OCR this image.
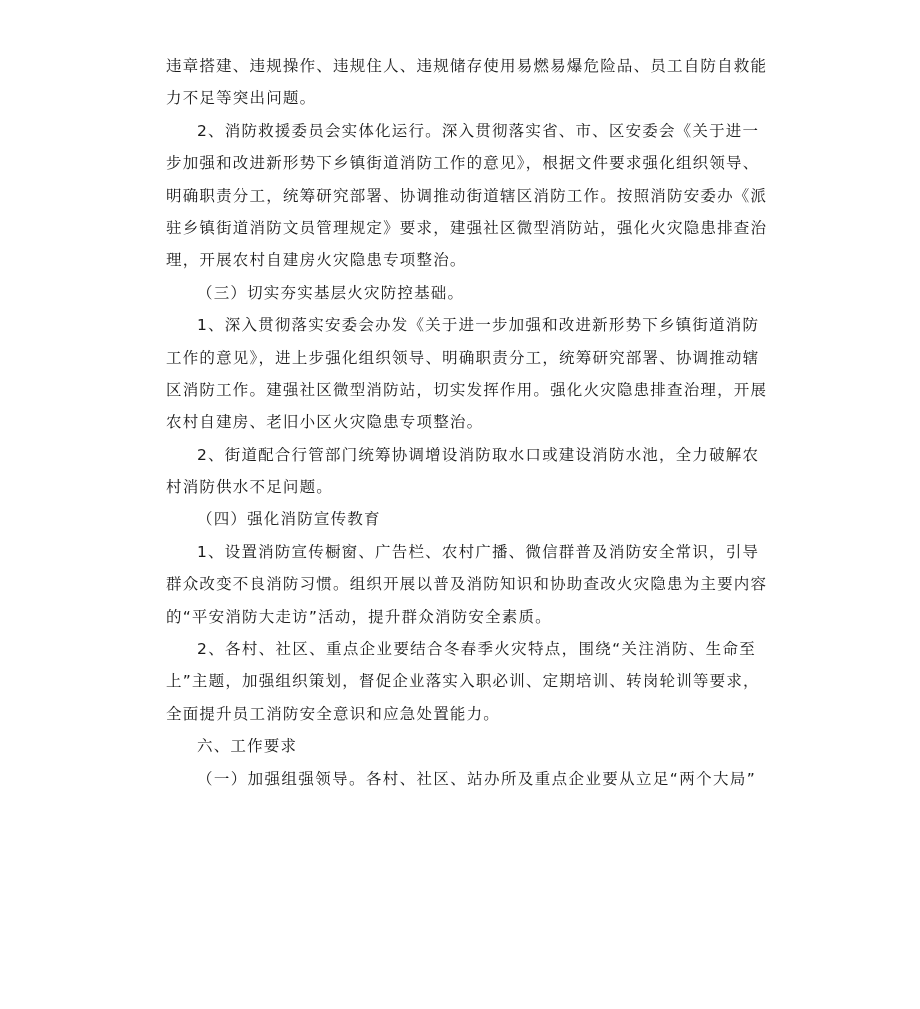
违章搭建、违规操作、违规住人、违规储存使用易燃易爆危险品、员工自防自救能
力不足等突出问题。
2、消防救援委员会实体化运行。深入贯彻落实省、市、区安委会《关于进一
步加强和改进新形势下乡镇街道消防工作的意见》，根据文件要求强化组织领导、
明确职责分工，统筹研究部署、协调推动街道辖区消防工作。按照消防安委办《派
驻乡镇街道消防文员管理规定》要求，建强社区微型消防站，强化火灾隐患排查治
理，开展农村自建房火灾隐患专项整治。
（三）切实夯实基层火灾防控基础。
1、深入贯彻落实安委会办发《关于进一步加强和改进新形势下乡镇街道消防
工作的意见》，进上步强化组织领导、明确职责分工，统筹研究部署、协调推动辖
区消防工作。建强社区微型消防站，切实发挥作用。强化火灾隐患排查治理，开展
农村自建房、老旧小区火灾隐患专项整治。
2、街道配合行管部门统筹协调增设消防取水口或建设消防水池，全力破解农
村消防供水不足问题。
（四）强化消防宣传教育
1、设置消防宣传橱窗、广告栏、农村广播、微信群普及消防安全常识，引导
群众改变不良消防习惯。组织开展以普及消防知识和协助查改火灾隐患为主要内容
的“平安消防大走访”活动，提升群众消防安全素质。
2、各村、社区、重点企业要结合冬春季火灾特点，围绕“关注消防、生命至
上”主题，加强组织策划，督促企业落实入职必训、定期培训、转岗轮训等要求，
全面提升员工消防安全意识和应急处置能力。
六、工作要求
（一）加强组强领导。各村、社区、站办所及重点企业要从立足“两个大局”
